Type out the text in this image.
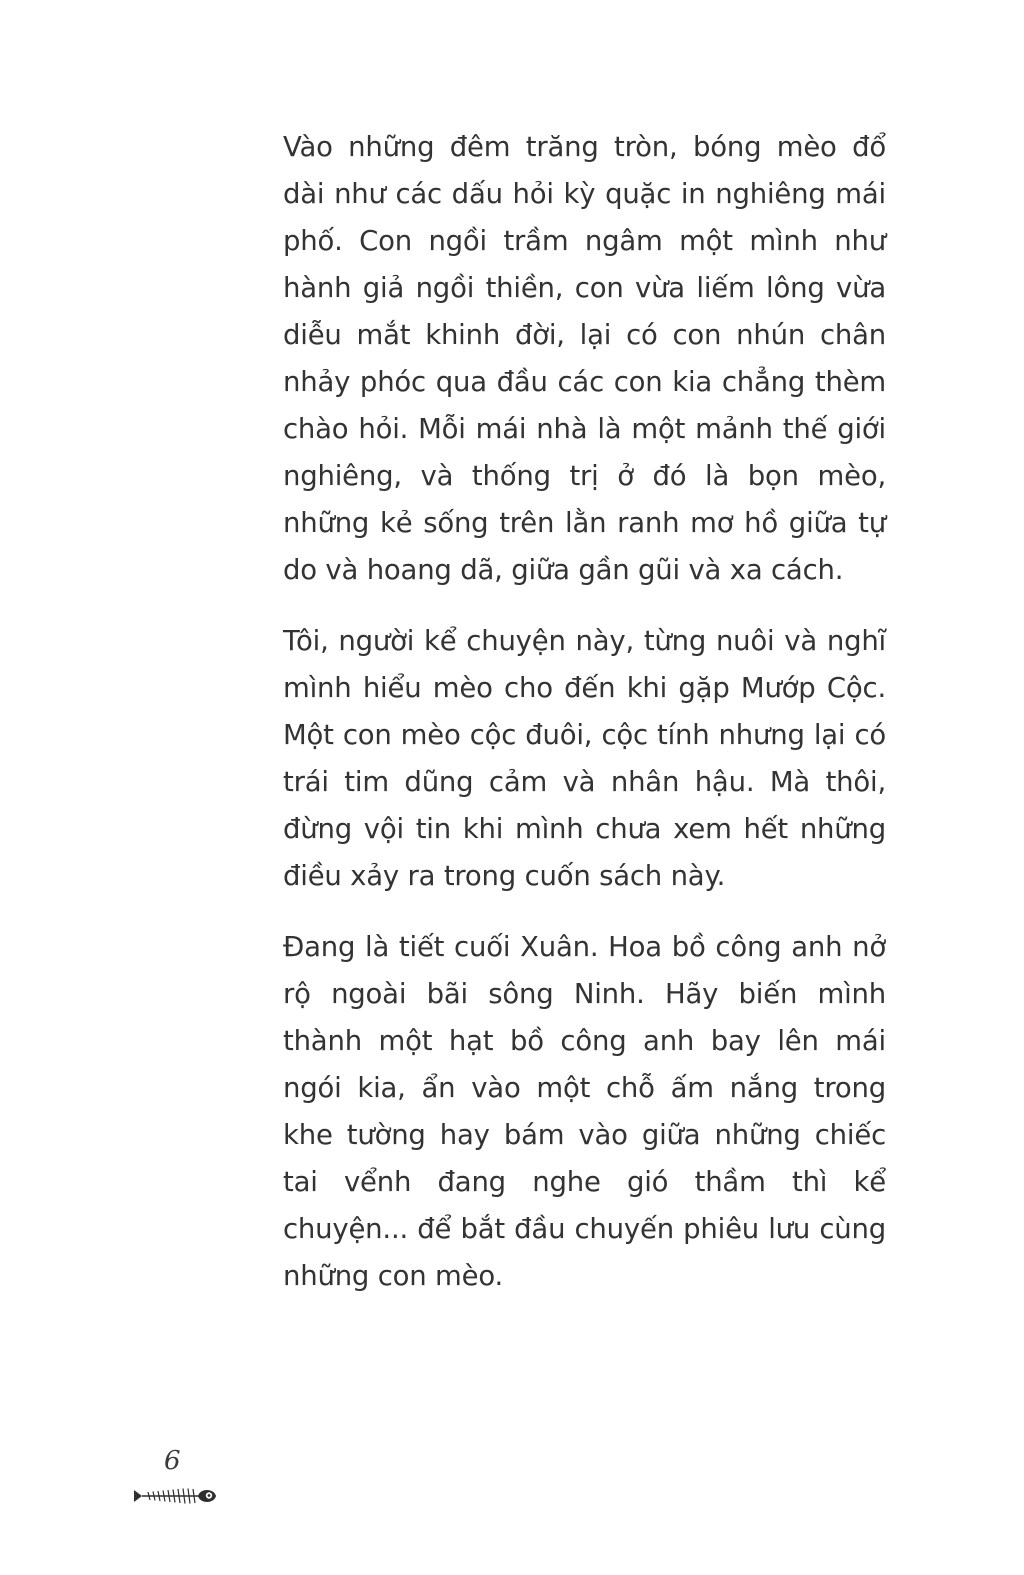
Vào những đêm trăng tròn, bóng mèo đổ dài như các dấu hỏi kỳ quặc in nghiêng mái phố. Con ngồi trầm ngâm một mình như hành giả ngồi thiền, con vừa liếm lông vừa diễu mắt khinh đời, lại có con nhún chân nhảy phóc qua đầu các con kia chẳng thèm chào hỏi. Mỗi mái nhà là một mảnh thế giới nghiêng, và thống trị ở đó là bọn mèo, những kẻ sống trên lằn ranh mơ hồ giữa tự do và hoang dã, giữa gần gũi và xa cách.

Tôi, người kể chuyện này, từng nuôi và nghĩ mình hiểu mèo cho đến khi gặp Mướp Cộc. Một con mèo cộc đuôi, cộc tính nhưng lại có trái tim dũng cảm và nhân hậu. Mà thôi, đừng vội tin khi mình chưa xem hết những điều xảy ra trong cuốn sách này.

Đang là tiết cuối Xuân. Hoa bồ công anh nở rộ ngoài bãi sông Ninh. Hãy biến mình thành một hạt bồ công anh bay lên mái ngói kia, ẩn vào một chỗ ấm nắng trong khe tường hay bám vào giữa những chiếc tai vểnh đang nghe gió thầm thì kể chuyện... để bắt đầu chuyến phiêu lưu cùng những con mèo.

6
